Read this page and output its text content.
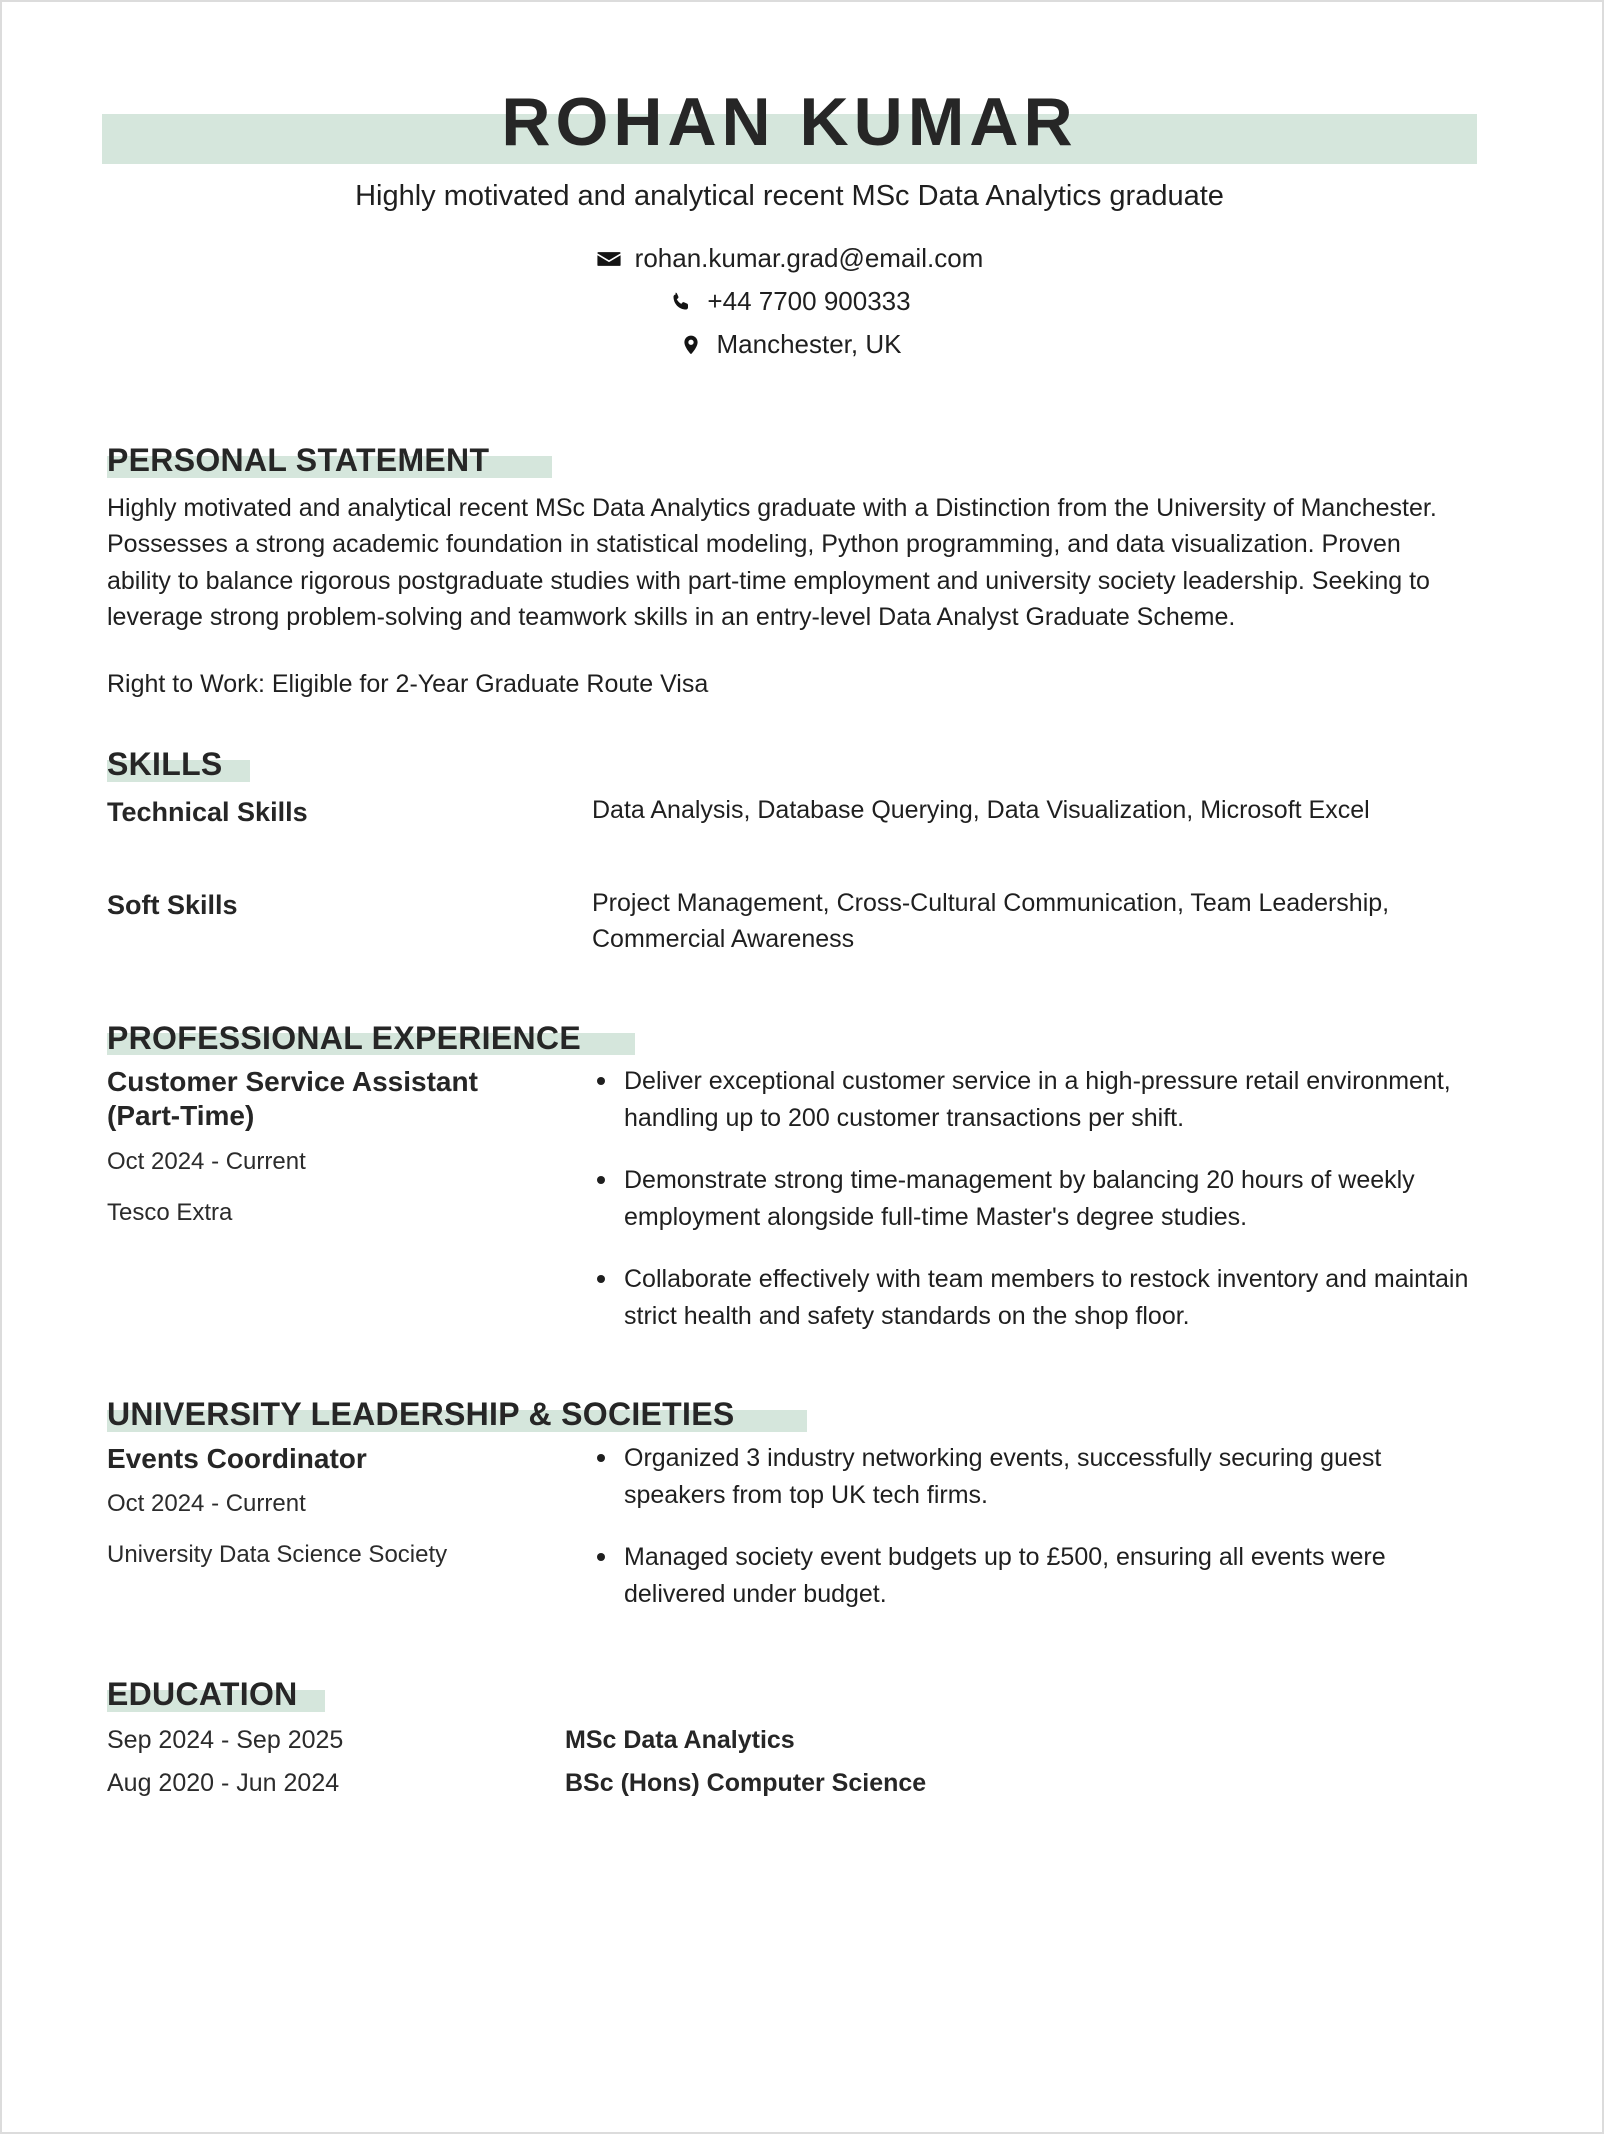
ROHAN KUMAR
Highly motivated and analytical recent MSc Data Analytics graduate
rohan.kumar.grad@email.com
+44 7700 900333
Manchester, UK
PERSONAL STATEMENT

Highly motivated and analytical recent MSc Data Analytics graduate with a Distinction from the University of Manchester. Possesses a strong academic foundation in statistical modeling, Python programming, and data visualization. Proven ability to balance rigorous postgraduate studies with part-time employment and university society leadership. Seeking to leverage strong problem-solving and teamwork skills in an entry-level Data Analyst Graduate Scheme.

Right to Work: Eligible for 2-Year Graduate Route Visa

SKILLS
Technical Skills	Data Analysis, Database Querying, Data Visualization, Microsoft Excel
Soft Skills	Project Management, Cross-Cultural Communication, Team Leadership, Commercial Awareness
PROFESSIONAL EXPERIENCE
Customer Service Assistant (Part-Time)
Oct 2024 - Current
Tesco Extra
Deliver exceptional customer service in a high-pressure retail environment, handling up to 200 customer transactions per shift.
Demonstrate strong time-management by balancing 20 hours of weekly employment alongside full-time Master's degree studies.
Collaborate effectively with team members to restock inventory and maintain strict health and safety standards on the shop floor.
UNIVERSITY LEADERSHIP & SOCIETIES
Events Coordinator
Oct 2024 - Current
University Data Science Society
Organized 3 industry networking events, successfully securing guest speakers from top UK tech firms.
Managed society event budgets up to £500, ensuring all events were delivered under budget.
EDUCATION
Sep 2024 - Sep 2025	MSc Data Analytics
Aug 2020 - Jun 2024	BSc (Hons) Computer Science
